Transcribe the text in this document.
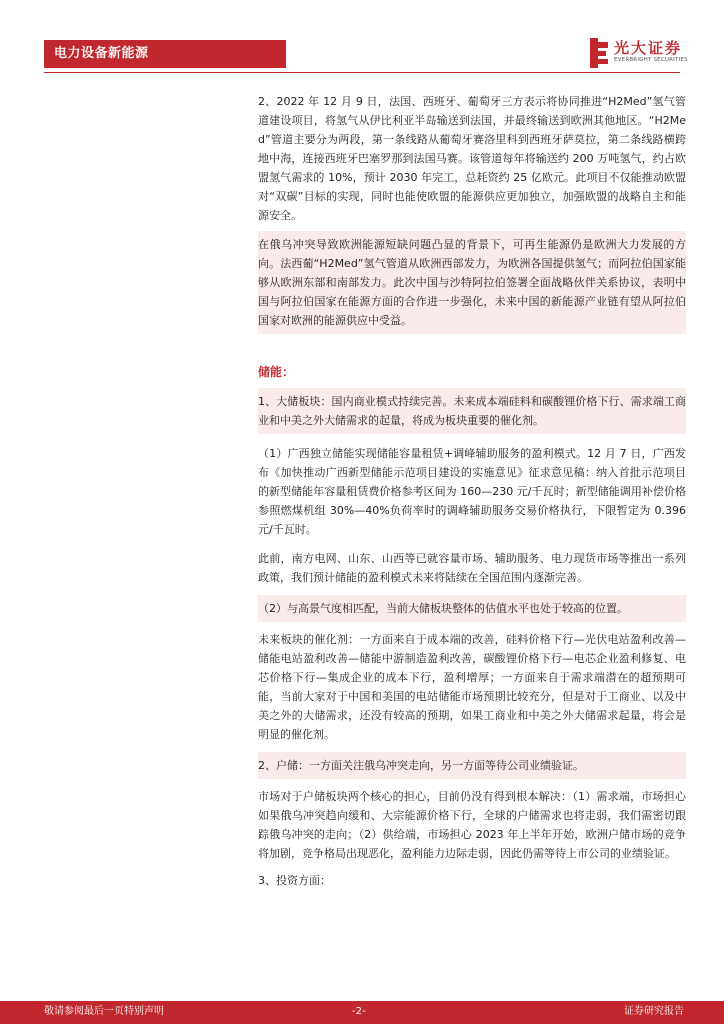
电力设备新能源	光大证券
EVERBRIGHT SECURITIES

2、2022 年 12 月 9 日，法国、西班牙、葡萄牙三方表示将协同推进“H2Med”氢气管道建设项目，将氢气从伊比利亚半岛输送到法国，并最终输送到欧洲其他地区。“H2Med”管道主要分为两段，第一条线路从葡萄牙赛洛里科到西班牙萨莫拉，第二条线路横跨地中海，连接西班牙巴塞罗那到法国马赛。该管道每年将输送约 200 万吨氢气，约占欧盟氢气需求的 10%，预计 2030 年完工，总耗资约 25 亿欧元。此项目不仅能推动欧盟对“双碳”目标的实现，同时也能使欧盟的能源供应更加独立，加强欧盟的战略自主和能源安全。

在俄乌冲突导致欧洲能源短缺问题凸显的背景下，可再生能源仍是欧洲大力发展的方向。法西葡“H2Med”氢气管道从欧洲西部发力，为欧洲各国提供氢气；而阿拉伯国家能够从欧洲东部和南部发力。此次中国与沙特阿拉伯签署全面战略伙伴关系协议，表明中国与阿拉伯国家在能源方面的合作进一步强化，未来中国的新能源产业链有望从阿拉伯国家对欧洲的能源供应中受益。

储能：

1、大储板块：国内商业模式持续完善。未来成本端硅料和碳酸锂价格下行、需求端工商业和中美之外大储需求的起量，将成为板块重要的催化剂。

（1）广西独立储能实现储能容量租赁+调峰辅助服务的盈利模式。12 月 7 日，广西发布《加快推动广西新型储能示范项目建设的实施意见》征求意见稿：纳入首批示范项目的新型储能年容量租赁费价格参考区间为 160—230 元/千瓦时；新型储能调用补偿价格参照燃煤机组 30%—40%负荷率时的调峰辅助服务交易价格执行，下限暂定为 0.396 元/千瓦时。

此前，南方电网、山东、山西等已就容量市场、辅助服务、电力现货市场等推出一系列政策，我们预计储能的盈利模式未来将陆续在全国范围内逐渐完善。

（2）与高景气度相匹配，当前大储板块整体的估值水平也处于较高的位置。

未来板块的催化剂：一方面来自于成本端的改善，硅料价格下行—光伏电站盈利改善—储能电站盈利改善—储能中游制造盈利改善，碳酸锂价格下行—电芯企业盈利修复、电芯价格下行—集成企业的成本下行，盈利增厚；一方面来自于需求端潜在的超预期可能，当前大家对于中国和美国的电站储能市场预期比较充分，但是对于工商业、以及中美之外的大储需求，还没有较高的预期，如果工商业和中美之外大储需求起量，将会是明显的催化剂。

2、户储：一方面关注俄乌冲突走向，另一方面等待公司业绩验证。

市场对于户储板块两个核心的担心，目前仍没有得到根本解决：（1）需求端，市场担心如果俄乌冲突趋向缓和、大宗能源价格下行，全球的户储需求也将走弱，我们需密切跟踪俄乌冲突的走向；（2）供给端，市场担心 2023 年上半年开始，欧洲户储市场的竞争将加剧，竞争格局出现恶化，盈利能力边际走弱，因此仍需等待上市公司的业绩验证。

3、投资方面：

敬请参阅最后一页特别声明	-2-	证券研究报告
